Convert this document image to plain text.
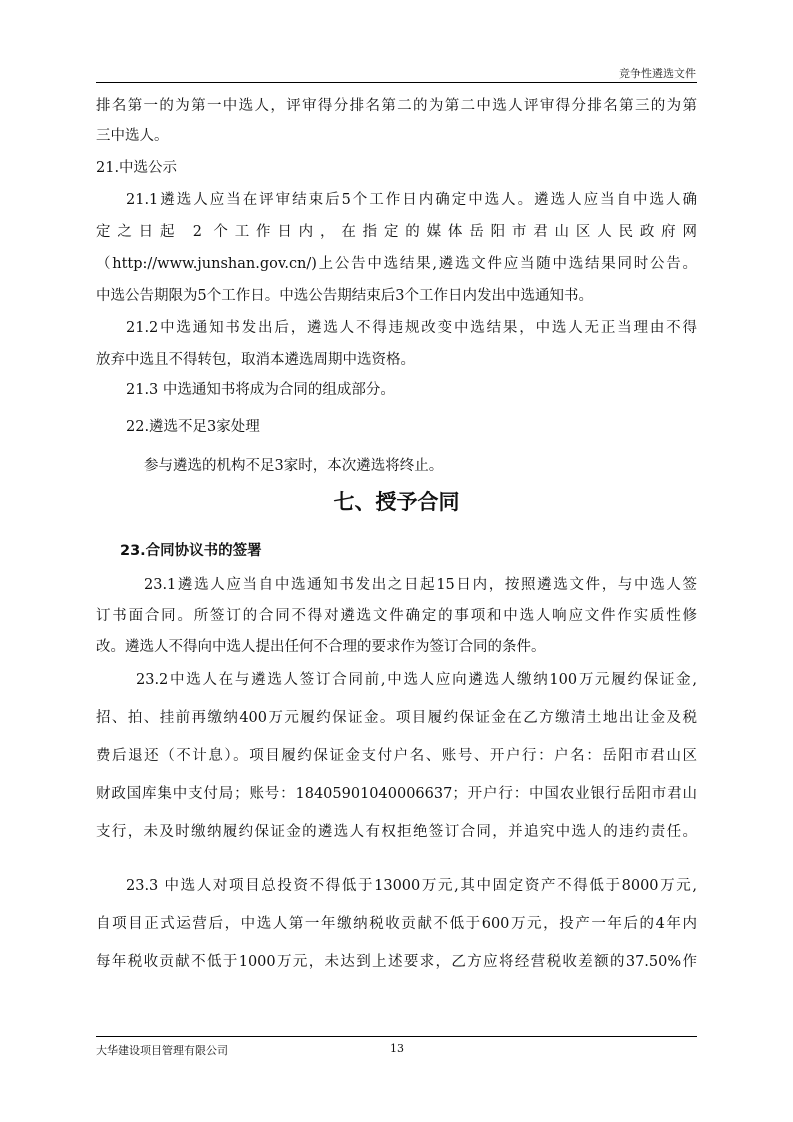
竞争性遴选文件
排名第一的为第一中选人，评审得分排名第二的为第二中选人评审得分排名第三的为第
三中选人。
21.中选公示
21.1遴选人应当在评审结束后5个工作日内确定中选人。遴选人应当自中选人确
定之日起 2 个工作日内，在指定的媒体岳阳市君山区人民政府网
（http://www.junshan.gov.cn/)上公告中选结果,遴选文件应当随中选结果同时公告。
中选公告期限为5个工作日。中选公告期结束后3个工作日内发出中选通知书。
21.2中选通知书发出后，遴选人不得违规改变中选结果，中选人无正当理由不得
放弃中选且不得转包，取消本遴选周期中选资格。
21.3 中选通知书将成为合同的组成部分。
22.遴选不足3家处理
参与遴选的机构不足3家时，本次遴选将终止。
23.1遴选人应当自中选通知书发出之日起15日内，按照遴选文件，与中选人签
订书面合同。所签订的合同不得对遴选文件确定的事项和中选人响应文件作实质性修
改。遴选人不得向中选人提出任何不合理的要求作为签订合同的条件。
23.2中选人在与遴选人签订合同前,中选人应向遴选人缴纳100万元履约保证金,
招、拍、挂前再缴纳400万元履约保证金。项目履约保证金在乙方缴清土地出让金及税
费后退还（不计息）。项目履约保证金支付户名、账号、开户行：户名：岳阳市君山区
财政国库集中支付局；账号：18405901040006637；开户行：中国农业银行岳阳市君山
支行，未及时缴纳履约保证金的遴选人有权拒绝签订合同，并追究中选人的违约责任。
23.3 中选人对项目总投资不得低于13000万元,其中固定资产不得低于8000万元,
自项目正式运营后，中选人第一年缴纳税收贡献不低于600万元，投产一年后的4年内
每年税收贡献不低于1000万元，未达到上述要求，乙方应将经营税收差额的37.50%作
七、授予合同
23.合同协议书的签署
大华建设项目管理有限公司	13
